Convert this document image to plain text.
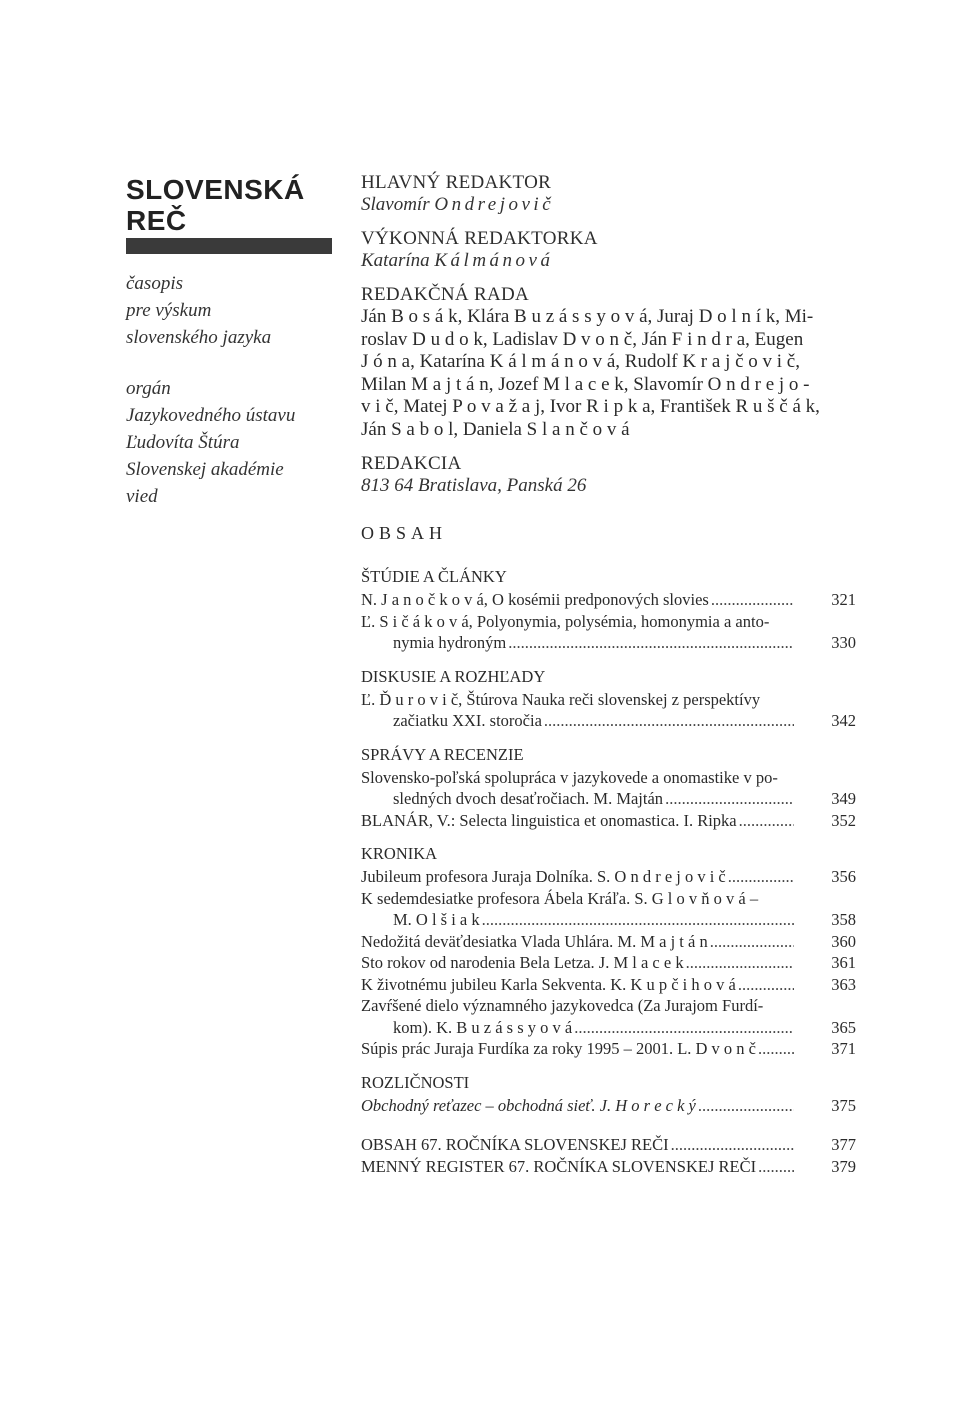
SLOVENSKÁ
REČ
časopis
pre výskum
slovenského jazyka
orgán
Jazykovedného ústavu
Ľudovíta Štúra
Slovenskej akadémie
vied
HLAVNÝ REDAKTOR
Slavomír Ondrejovič
VÝKONNÁ REDAKTORKA
Katarína Kálmánová
REDAKČNÁ RADA
Ján B o s á k, Klára B u z á s s y o v á, Juraj D o l n í k, Mi-
roslav D u d o k, Ladislav D v o n č, Ján F i n d r a, Eugen
J ó n a, Katarína K á l m á n o v á, Rudolf K r a j č o v i č,
Milan M a j t á n, Jozef M l a c e k, Slavomír O n d r e j o -
v i č, Matej P o v a ž a j, Ivor R i p k a, František R u š č á k,
Ján S a b o l, Daniela S l a n č o v á
REDAKCIA
813 64 Bratislava, Panská 26
OBSAH
ŠTÚDIE A ČLÁNKY
N. J a n o č k o v á, O kosémii predponových slovies .....	321
Ľ. S i č á k o v á, Polyonymia, polysémia, homonymia a anto-
nymia hydroným .....	330
DISKUSIE A ROZHĽADY
Ľ. Ď u r o v i č, Štúrova Nauka reči slovenskej z perspektívy
začiatku XXI. storočia .....	342
SPRÁVY A RECENZIE
Slovensko-poľská spolupráca v jazykovede a onomastike v po-
sledných dvoch desaťročiach. M. Majtán .....	349
BLANÁR, V.: Selecta linguistica et onomastica. I. Ripka .....	352
KRONIKA
Jubileum profesora Juraja Dolníka. S. O n d r e j o v i č .....	356
K sedemdesiatke profesora Ábela Kráľa. S. G l o v ň o v á –
M. O l š i a k .....	358
Nedožitá deväťdesiatka Vlada Uhlára. M. M a j t á n .....	360
Sto rokov od narodenia Bela Letza. J. M l a c e k .....	361
K životnému jubileu Karla Sekventa. K. K u p č i h o v á .....	363
Zavŕšené dielo významného jazykovedca (Za Jurajom Furdí-
kom). K. B u z á s s y o v á .....	365
Súpis prác Juraja Furdíka za roky 1995 – 2001. L. D v o n č .....	371
ROZLIČNOSTI
Obchodný reťazec – obchodná sieť. J. H o r e c k ý .....	375
OBSAH 67. ROČNÍKA SLOVENSKEJ REČI .....	377
MENNÝ REGISTER 67. ROČNÍKA SLOVENSKEJ REČI .....	379
